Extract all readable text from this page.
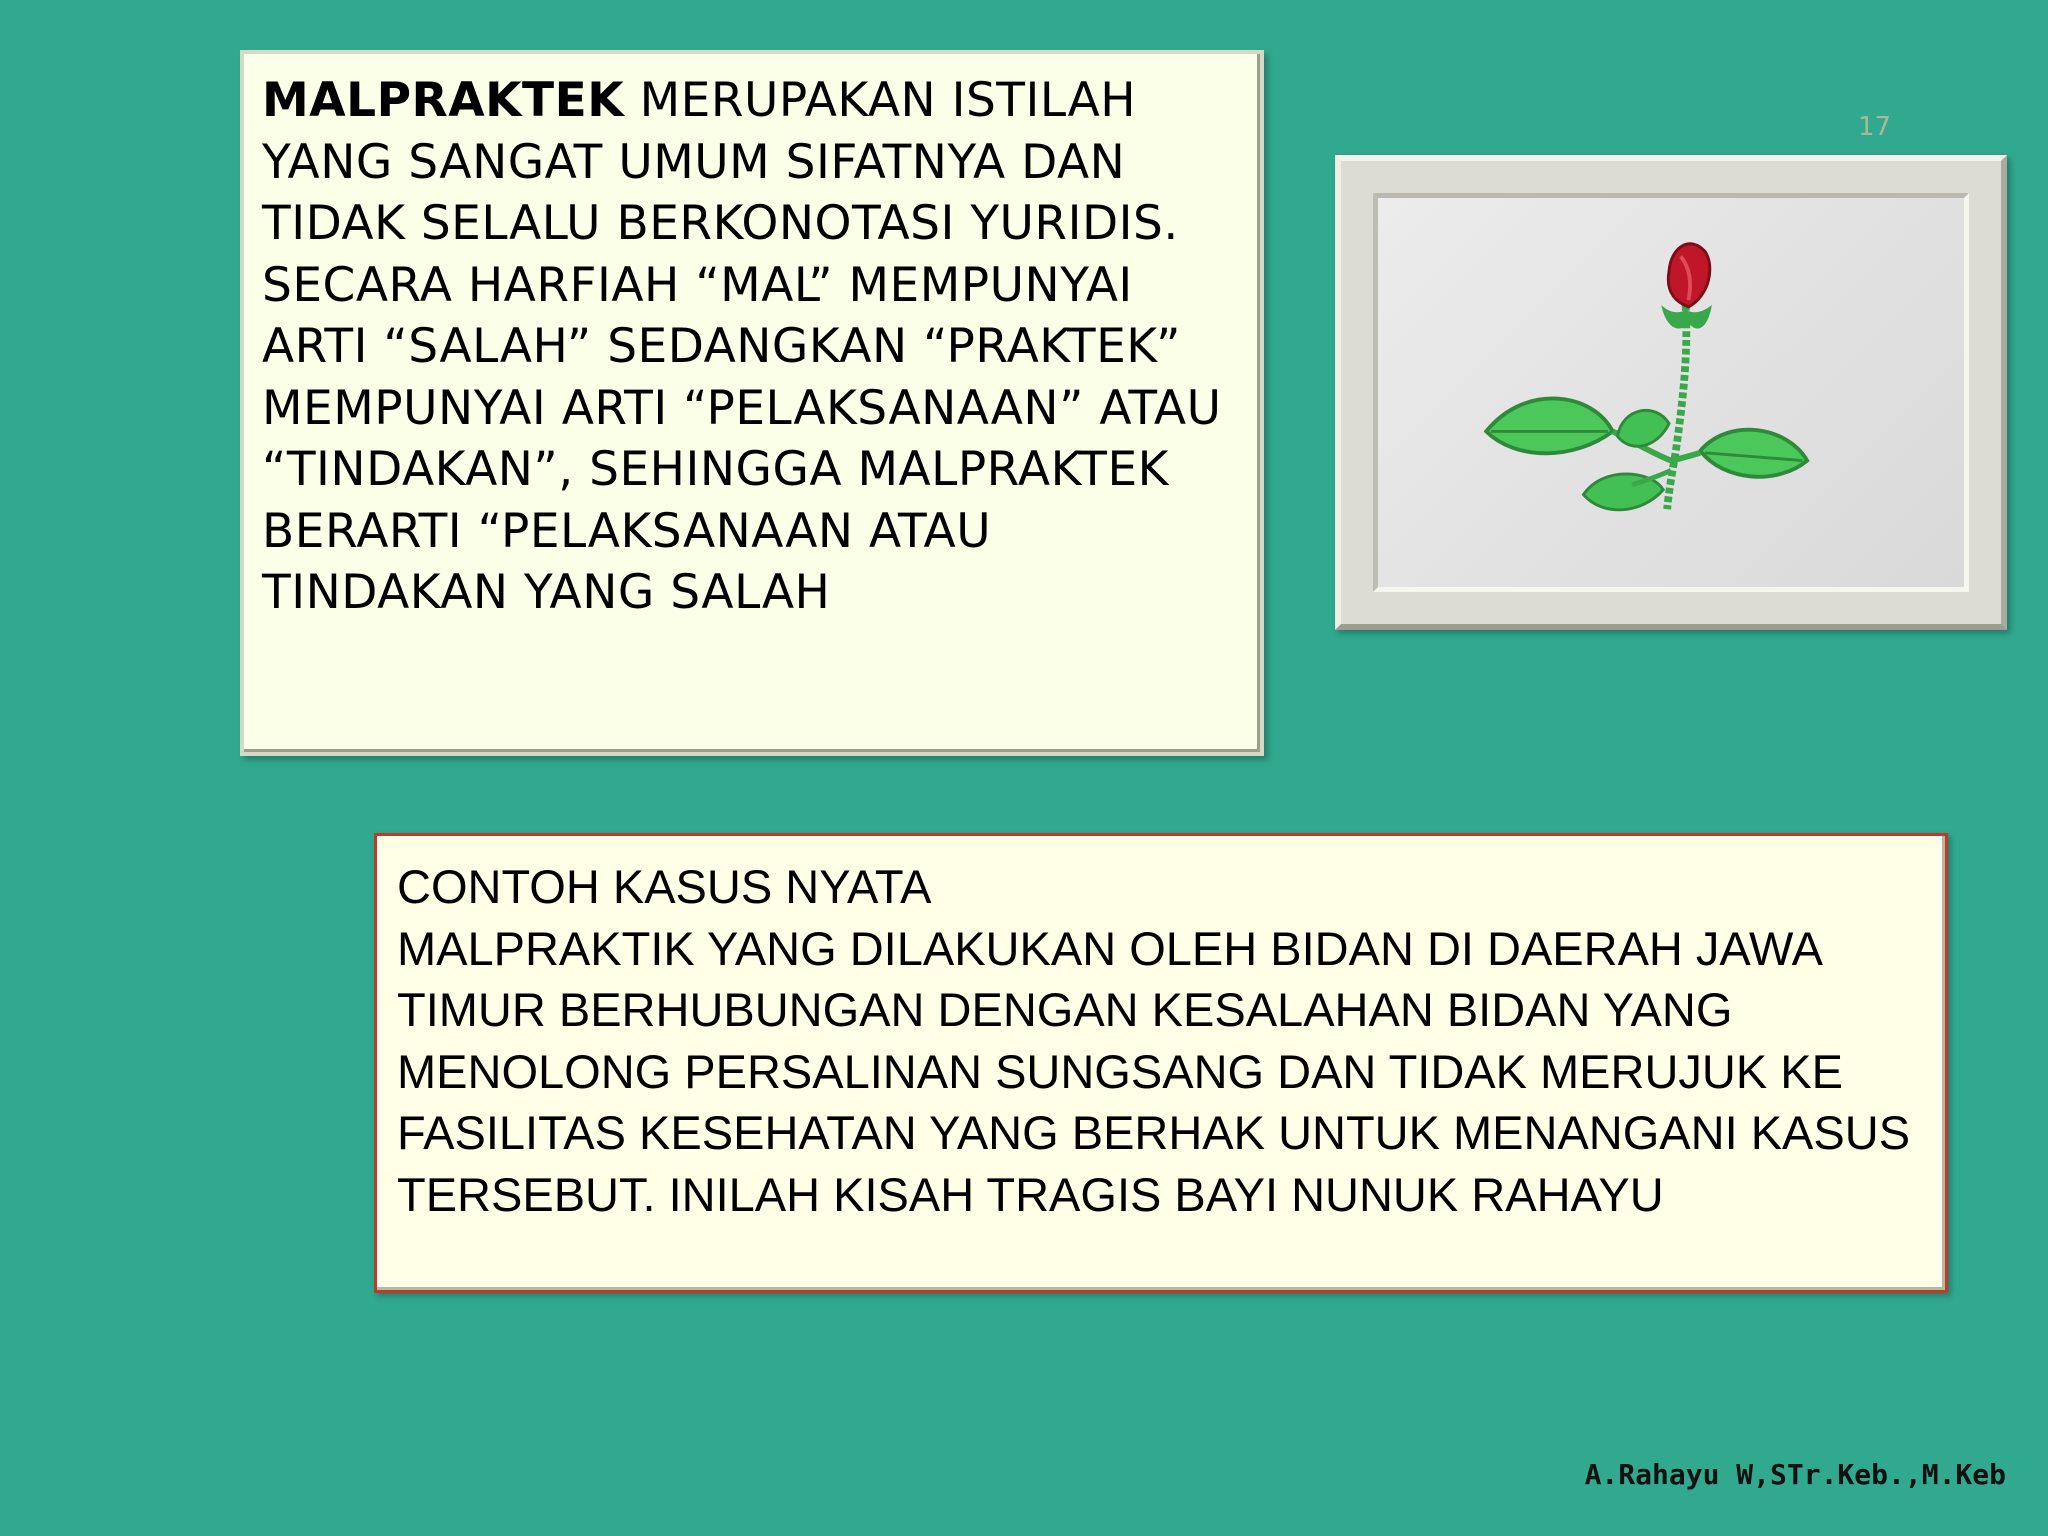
MALPRAKTEK MERUPAKAN ISTILAH YANG SANGAT UMUM SIFATNYA DAN TIDAK SELALU BERKONOTASI YURIDIS. SECARA HARFIAH “MAL” MEMPUNYAI ARTI “SALAH” SEDANGKAN “PRAKTEK” MEMPUNYAI ARTI “PELAKSANAAN” ATAU “TINDAKAN”, SEHINGGA MALPRAKTEK BERARTI “PELAKSANAAN ATAU TINDAKAN YANG SALAH

17

CONTOH KASUS NYATA

MALPRAKTIK YANG DILAKUKAN OLEH BIDAN DI DAERAH JAWA TIMUR BERHUBUNGAN DENGAN KESALAHAN BIDAN YANG MENOLONG PERSALINAN SUNGSANG DAN TIDAK MERUJUK KE FASILITAS KESEHATAN YANG BERHAK UNTUK MENANGANI KASUS TERSEBUT. INILAH KISAH TRAGIS BAYI NUNUK RAHAYU

A.Rahayu W,STr.Keb.,M.Keb
